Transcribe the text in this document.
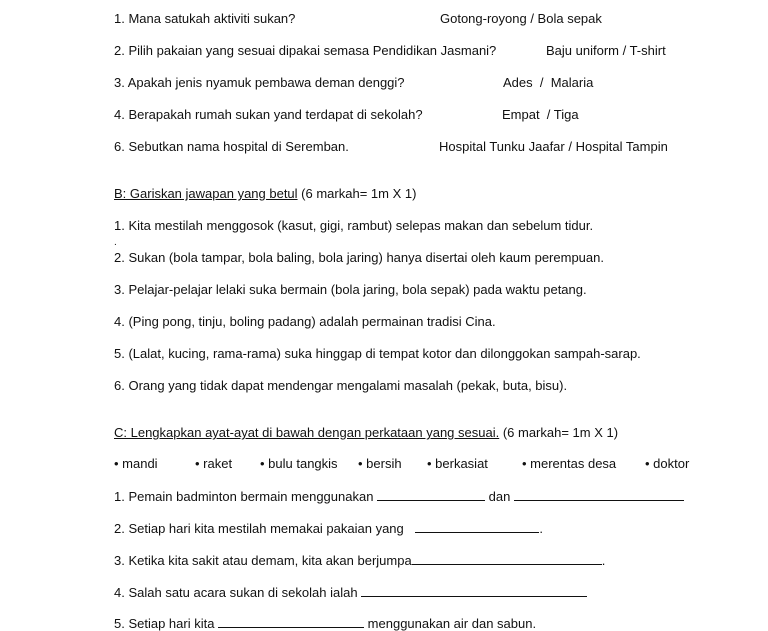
1. Mana satukah aktiviti sukan?	Gotong-royong / Bola sepak
2. Pilih pakaian yang sesuai dipakai semasa Pendidikan Jasmani?	Baju uniform / T-shirt
3. Apakah jenis nyamuk pembawa deman denggi?	Ades  /  Malaria
4. Berapakah rumah sukan yand terdapat di sekolah?	Empat  / Tiga
6. Sebutkan nama hospital di Seremban.	Hospital Tunku Jaafar / Hospital Tampin
B: Gariskan jawapan yang betul (6 markah= 1m X 1)
1. Kita mestilah menggosok (kasut, gigi, rambut) selepas makan dan sebelum tidur.
.
2. Sukan (bola tampar, bola baling, bola jaring) hanya disertai oleh kaum perempuan.
3. Pelajar-pelajar lelaki suka bermain (bola jaring, bola sepak) pada waktu petang.
4. (Ping pong, tinju, boling padang) adalah permainan tradisi Cina.
5. (Lalat, kucing, rama-rama) suka hinggap di tempat kotor dan dilonggokan sampah-sarap.
6. Orang yang tidak dapat mendengar mengalami masalah (pekak, buta, bisu).
C: Lengkapkan ayat-ayat di bawah dengan perkataan yang sesuai. (6 markah= 1m X 1)
• mandi	• raket • bulu tangkis • bersih • berkasiat	• merentas desa • doktor
1. Pemain badminton bermain menggunakan	dan
2. Setiap hari kita mestilah memakai pakaian yang	.
3. Ketika kita sakit atau demam, kita akan berjumpa	.
4. Salah satu acara sukan di sekolah ialah
5. Setiap hari kita	menggunakan air dan sabun.
